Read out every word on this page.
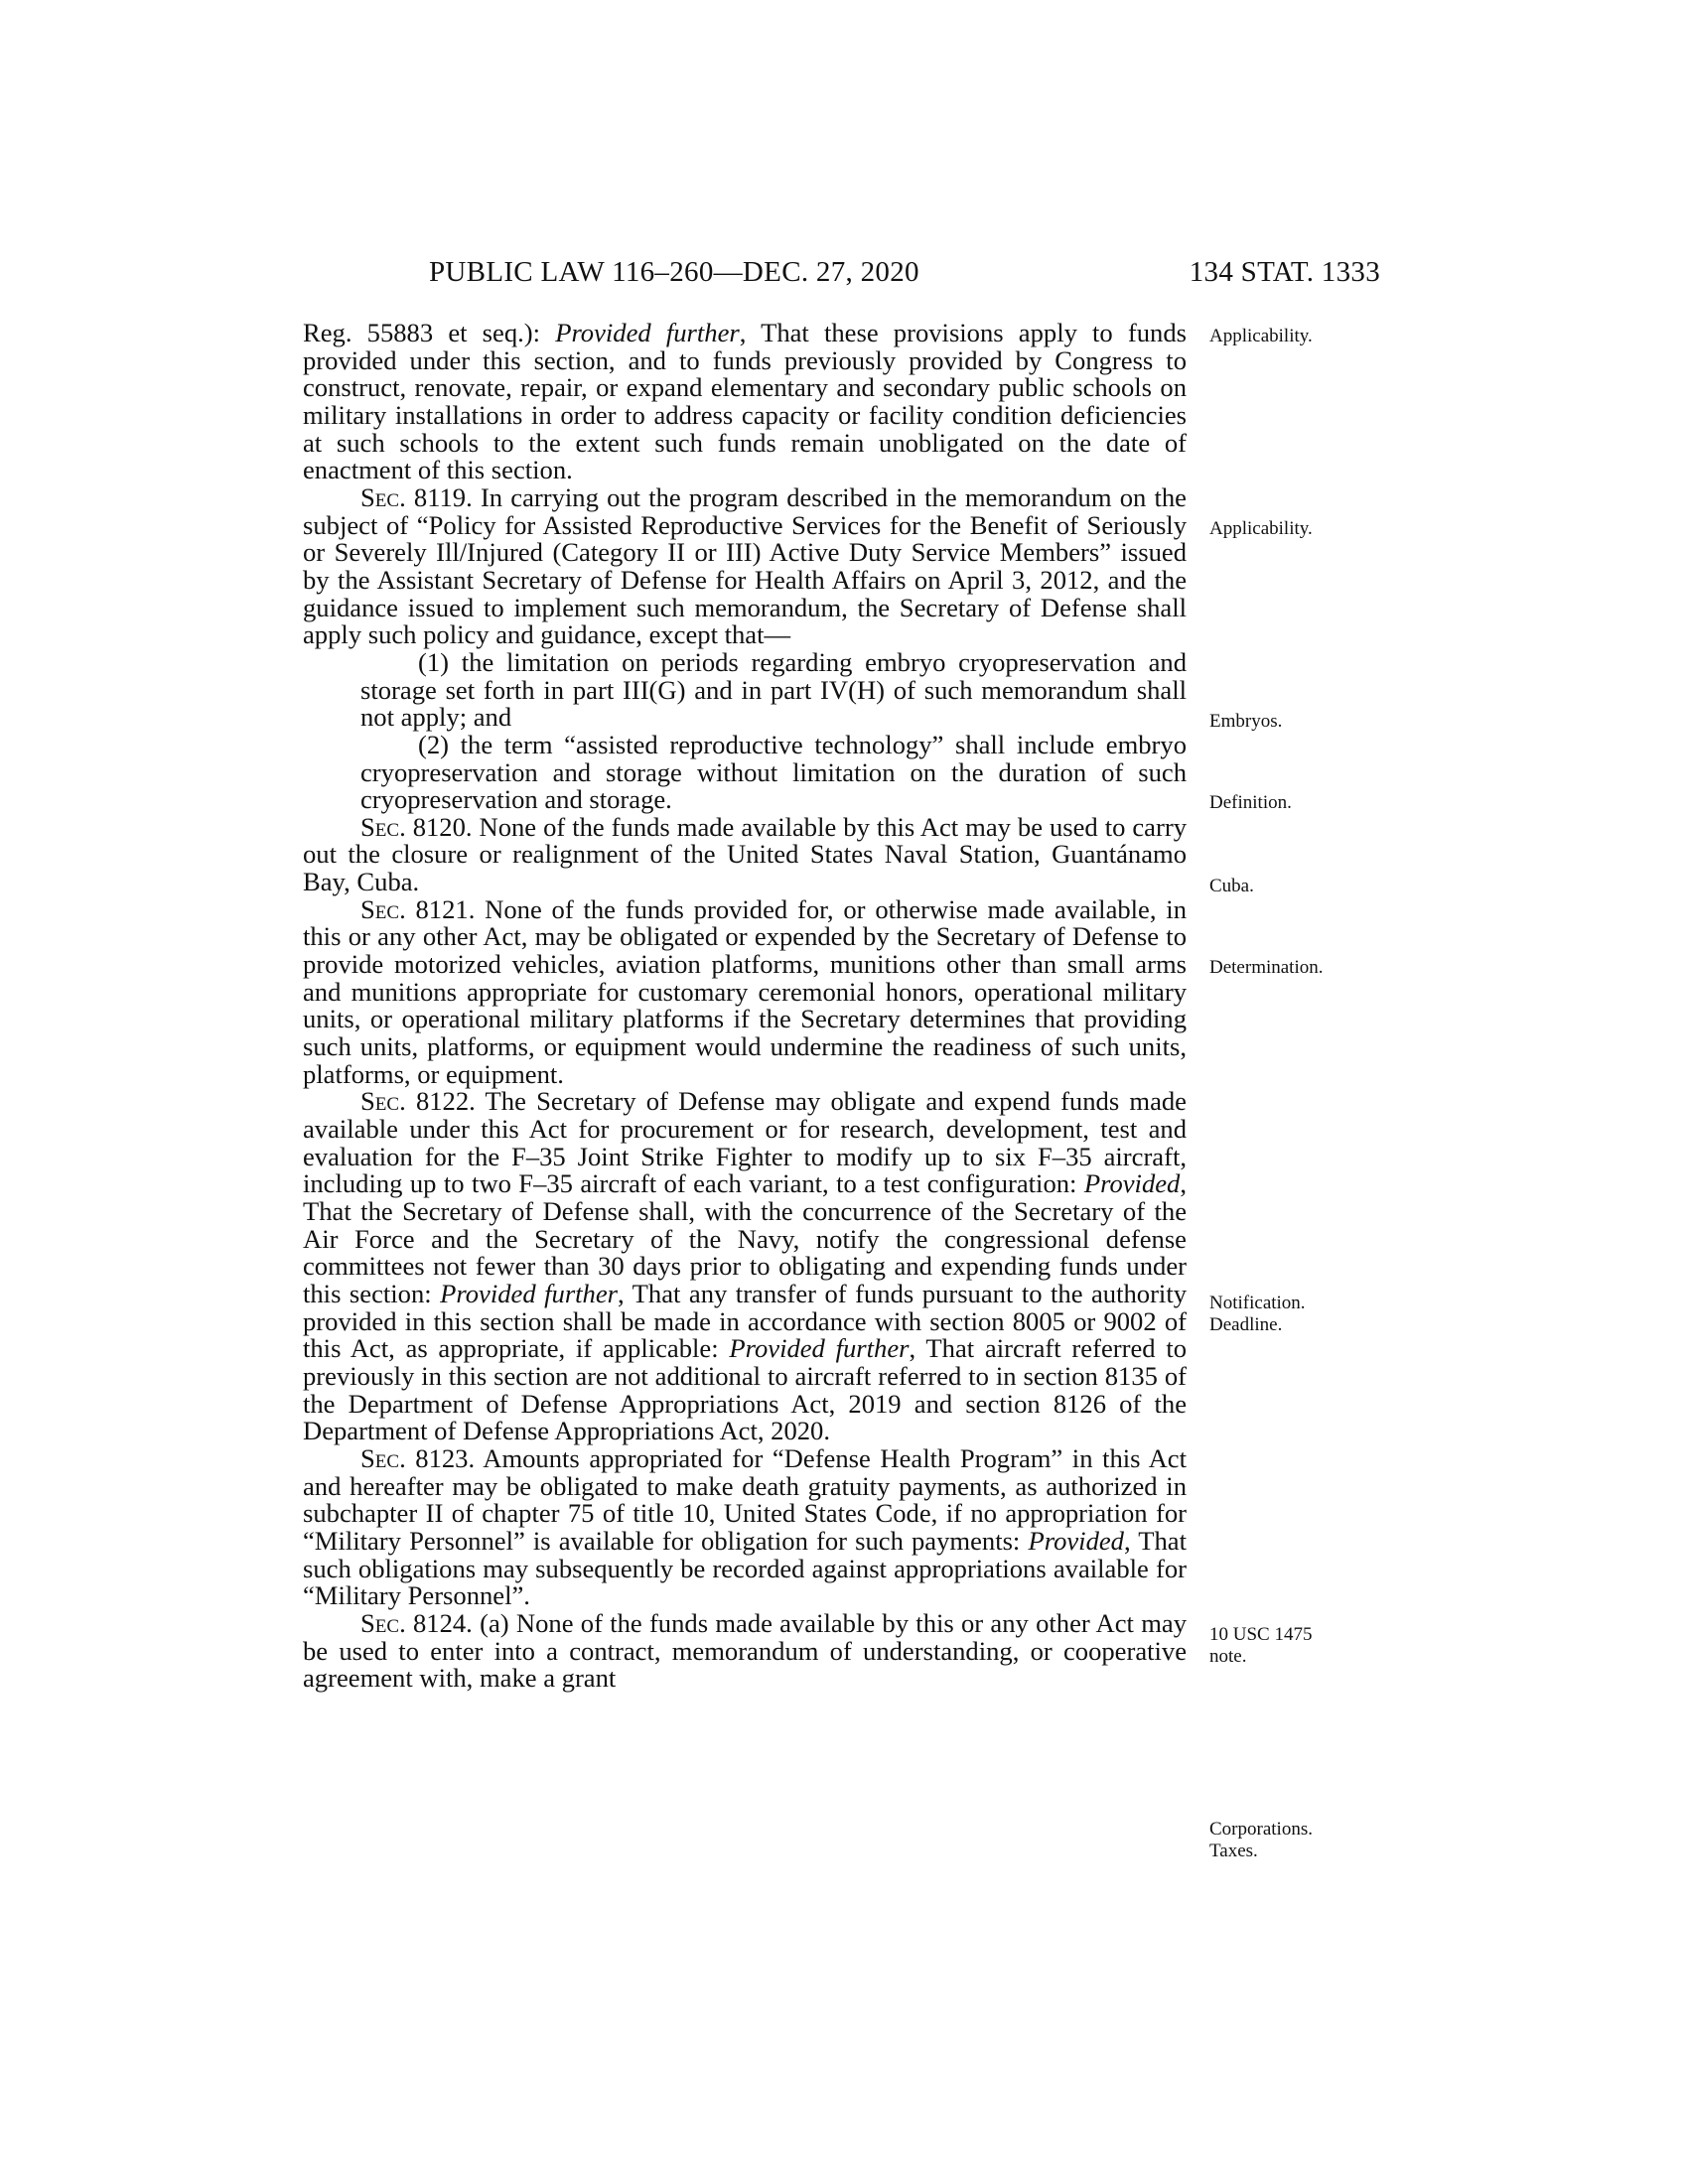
PUBLIC LAW 116–260—DEC. 27, 2020	134 STAT. 1333

Reg. 55883 et seq.): Provided further, That these provisions apply to funds provided under this section, and to funds previously provided by Congress to construct, renovate, repair, or expand elementary and secondary public schools on military installations in order to address capacity or facility condition deficiencies at such schools to the extent such funds remain unobligated on the date of enactment of this section.

Sec. 8119. In carrying out the program described in the memorandum on the subject of “Policy for Assisted Reproductive Services for the Benefit of Seriously or Severely Ill/Injured (Category II or III) Active Duty Service Members” issued by the Assistant Secretary of Defense for Health Affairs on April 3, 2012, and the guidance issued to implement such memorandum, the Secretary of Defense shall apply such policy and guidance, except that—

(1) the limitation on periods regarding embryo cryopreservation and storage set forth in part III(G) and in part IV(H) of such memorandum shall not apply; and

(2) the term “assisted reproductive technology” shall include embryo cryopreservation and storage without limitation on the duration of such cryopreservation and storage.

Sec. 8120. None of the funds made available by this Act may be used to carry out the closure or realignment of the United States Naval Station, Guantánamo Bay, Cuba.

Sec. 8121. None of the funds provided for, or otherwise made available, in this or any other Act, may be obligated or expended by the Secretary of Defense to provide motorized vehicles, aviation platforms, munitions other than small arms and munitions appropriate for customary ceremonial honors, operational military units, or operational military platforms if the Secretary determines that providing such units, platforms, or equipment would undermine the readiness of such units, platforms, or equipment.

Sec. 8122. The Secretary of Defense may obligate and expend funds made available under this Act for procurement or for research, development, test and evaluation for the F–35 Joint Strike Fighter to modify up to six F–35 aircraft, including up to two F–35 aircraft of each variant, to a test configuration: Provided, That the Secretary of Defense shall, with the concurrence of the Secretary of the Air Force and the Secretary of the Navy, notify the congressional defense committees not fewer than 30 days prior to obligating and expending funds under this section: Provided further, That any transfer of funds pursuant to the authority provided in this section shall be made in accordance with section 8005 or 9002 of this Act, as appropriate, if applicable: Provided further, That aircraft referred to previously in this section are not additional to aircraft referred to in section 8135 of the Department of Defense Appropriations Act, 2019 and section 8126 of the Department of Defense Appropriations Act, 2020.

Sec. 8123. Amounts appropriated for “Defense Health Program” in this Act and hereafter may be obligated to make death gratuity payments, as authorized in subchapter II of chapter 75 of title 10, United States Code, if no appropriation for “Military Personnel” is available for obligation for such payments: Provided, That such obligations may subsequently be recorded against appropriations available for “Military Personnel”.

Sec. 8124. (a) None of the funds made available by this or any other Act may be used to enter into a contract, memorandum of understanding, or cooperative agreement with, make a grant

Applicability.
Applicability.
Embryos.
Definition.
Cuba.
Determination.
Notification.
Deadline.
10 USC 1475
note.
Corporations.
Taxes.
